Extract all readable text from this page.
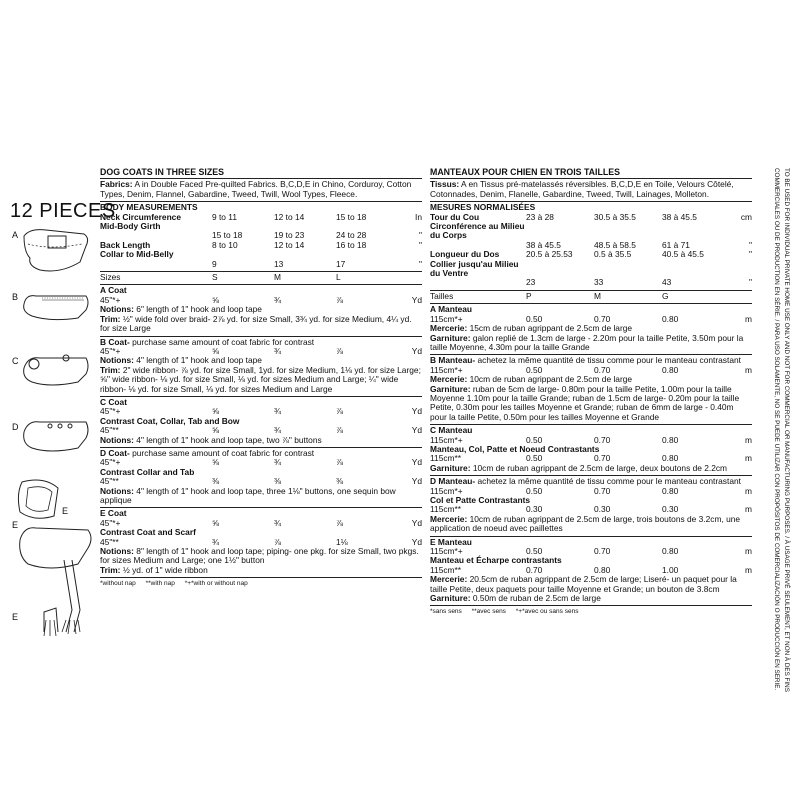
12 PIECES
A
B
C
D
E
E
E
DOG COATS IN THREE SIZES
Fabrics: A in Double Faced Pre-quilted Fabrics. B,C,D,E in Chino, Corduroy, Cotton Types, Denim, Flannel, Gabardine, Tweed, Twill, Wool Types, Fleece.
BODY MEASUREMENTS
Neck Circumference	9 to 11	12 to 14	15 to 18	In
Mid-Body Girth
15 to 18	19 to 23	24 to 28	"
Back Length	8 to 10	12 to 14	16 to 18	"
Collar to Mid-Belly
9	13	17	"
Sizes	S	M	L
A Coat
45"*+	⅝	¾	⅞	Yd
Notions: 6" length of 1" hook and loop tape
Trim: ½" wide fold over braid- 2⅞ yd. for size Small, 3¾ yd. for size Medium, 4¼ yd. for size Large
B Coat- purchase same amount of coat fabric for contrast
45"*+	⅝	¾	⅞	Yd
Notions: 4" length of 1" hook and loop tape
Trim: 2" wide ribbon- ⅞ yd. for size Small, 1yd. for size Medium, 1⅛ yd. for size Large; ⅝" wide ribbon- ⅛ yd. for size Small, ⅛ yd. for sizes Medium and Large; ¼" wide ribbon- ⅛ yd. for size Small, ⅛ yd. for sizes Medium and Large
C Coat
45"*+	⅝	¾	⅞	Yd
Contrast Coat, Collar, Tab and Bow
45"**	⅝	¾	⅞	Yd
Notions: 4" length of 1" hook and loop tape, two ⅞" buttons
D Coat- purchase same amount of coat fabric for contrast
45"*+	⅝	¾	⅞	Yd
Contrast Collar and Tab
45"**	⅜	⅜	⅜	Yd
Notions: 4" length of 1" hook and loop tape, three 1⅛" buttons, one sequin bow applique
E Coat
45"*+	⅝	¾	⅞	Yd
Contrast Coat and Scarf
45"**	¾	⅞	1⅛	Yd
Notions: 8" length of 1" hook and loop tape; piping- one pkg. for size Small, two pkgs. for sizes Medium and Large; one 1½" button
Trim: ½ yd. of 1" wide ribbon
*without nap **with nap *+*with or without nap
MANTEAUX POUR CHIEN EN TROIS TAILLES
Tissus: A en Tissus pré-matelassés réversibles. B,C,D,E en Toile, Velours Côtelé, Cotonnades, Denim, Flanelle, Gabardine, Tweed, Twill, Lainages, Molleton.
MESURES NORMALISÉES
Tour du Cou	23 à 28	30.5 à 35.5	38 à 45.5	cm
Circonférence au Milieu du Corps
38 à 45.5	48.5 à 58.5	61 à 71	"
Longueur du Dos	20.5 à 25.53	0.5 à 35.5	40.5 à 45.5	"
Collier jusqu'au Milieu du Ventre
23	33	43	"
Tailles	P	M	G
A Manteau
115cm*+	0.50	0.70	0.80	m
Mercerie: 15cm de ruban agrippant de 2.5cm de large
Garniture: galon replié de 1.3cm de large - 2.20m pour la taille Petite, 3.50m pour la taille Moyenne, 4.30m pour la taille Grande
B Manteau- achetez la même quantité de tissu comme pour le manteau contrastant
115cm*+	0.50	0.70	0.80	m
Mercerie: 10cm de ruban agrippant de 2.5cm de large
Garniture: ruban de 5cm de large- 0.80m pour la taille Petite, 1.00m pour la taille Moyenne 1.10m pour la taille Grande; ruban de 1.5cm de large- 0.20m pour la taille Petite, 0.30m pour les tailles Moyenne et Grande; ruban de 6mm de large - 0.40m pour la taille Petite, 0.50m pour les tailles Moyenne et Grande
C Manteau
115cm*+	0.50	0.70	0.80	m
Manteau, Col, Patte et Noeud Contrastants
115cm**	0.50	0.70	0.80	m
Garniture: 10cm de ruban agrippant de 2.5cm de large, deux boutons de 2.2cm
D Manteau- achetez la même quantité de tissu comme pour le manteau contrastant
115cm*+	0.50	0.70	0.80	m
Col et Patte Contrastants
115cm**	0.30	0.30	0.30	m
Mercerie: 10cm de ruban agrippant de 2.5cm de large, trois boutons de 3.2cm, une application de noeud avec paillettes
E Manteau
115cm*+	0.50	0.70	0.80	m
Manteau et Écharpe contrastants
115cm**	0.70	0.80	1.00	m
Mercerie: 20.5cm de ruban agrippant de 2.5cm de large; Liseré- un paquet pour la taille Petite, deux paquets pour taille Moyenne et Grande; un bouton de 3.8cm
Garniture: 0.50m de ruban de 2.5cm de large
*sans sens **avec sens *+*avec ou sans sens	TO BE USED FOR INDIVIDUAL PRIVATE HOME USE ONLY AND NOT FOR COMMERCIAL OR MANUFACTURING PURPOSES. / À USAGE PRIVÉ SEULEMENT, ET NON À DES FINS
COMMERCIALES OU DE PRODUCTION EN SÉRIE. / PARA USO SOLAMENTE, NO SE PUEDE UTILIZAR CON PROPÓSITOS DE COMERCIALIZACIÓN O PRODUCCIÓN EN SERIE.
